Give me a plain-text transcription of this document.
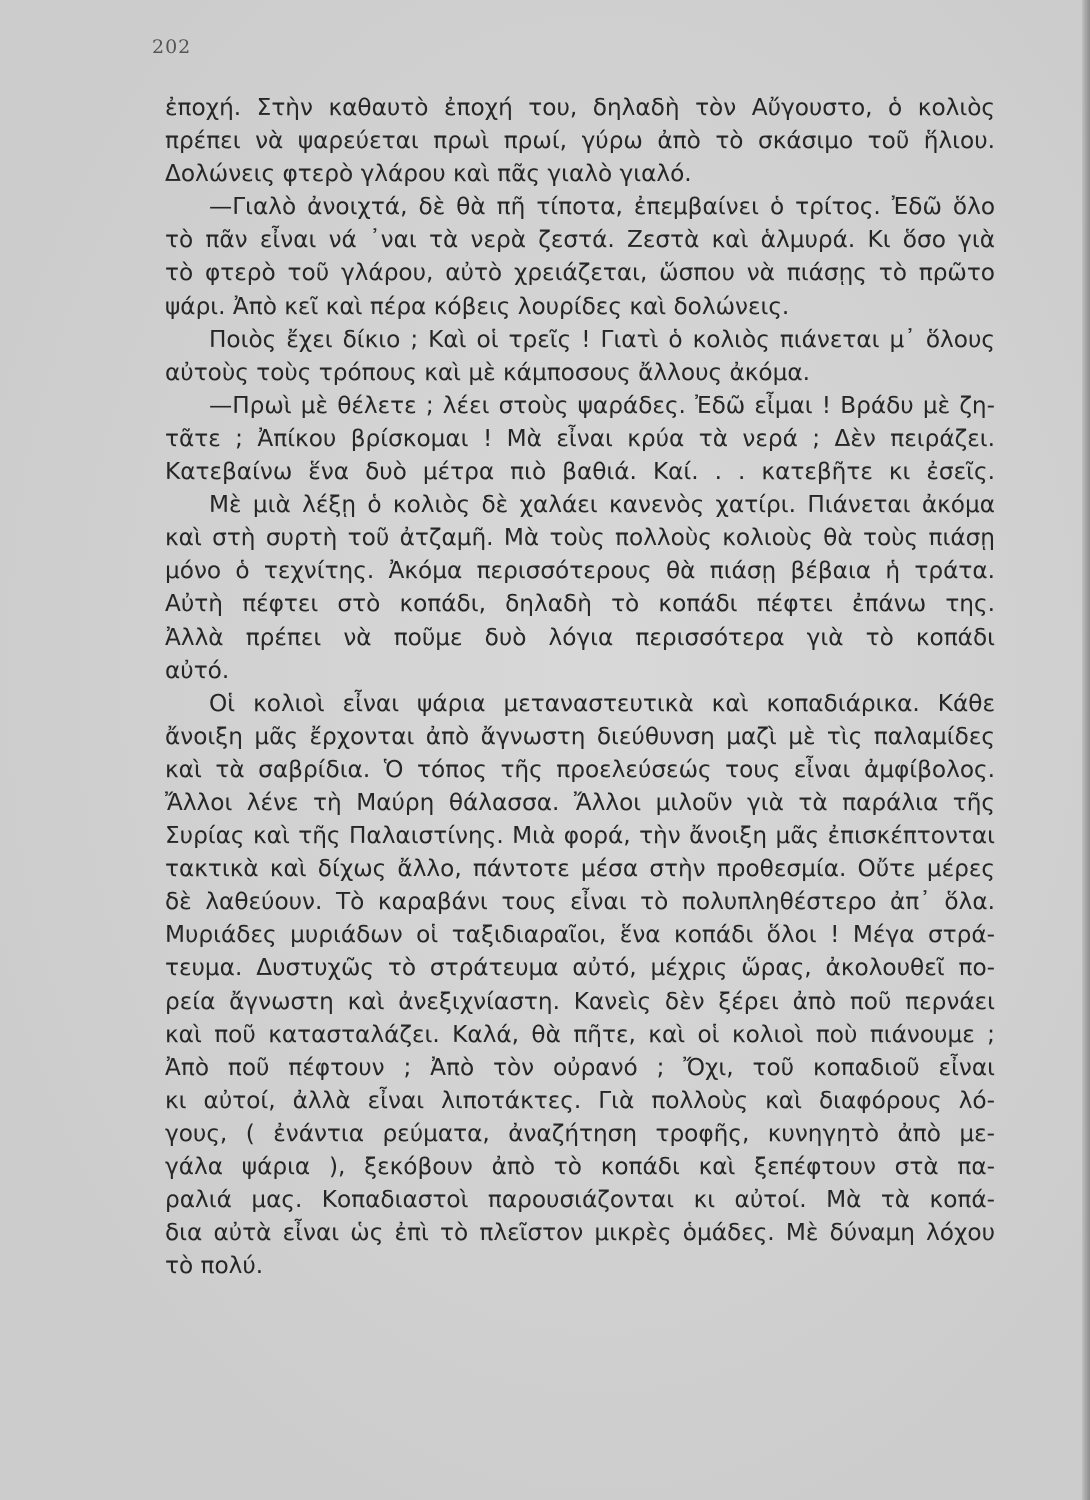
202
ἐποχή. Στὴν καθαυτὸ ἐποχή του, δηλαδὴ τὸν Αὔγουστο, ὁ κολιὸς
πρέπει νὰ ψαρεύεται πρωὶ πρωί, γύρω ἀπὸ τὸ σκάσιμο τοῦ ἥλιου.
Δολώνεις φτερὸ γλάρου καὶ πᾶς γιαλὸ γιαλό.
—Γιαλὸ ἀνοιχτά, δὲ θὰ πῆ τίποτα, ἐπεμβαίνει ὁ τρίτος. Ἐδῶ ὅλο
τὸ πᾶν εἶναι νά ᾽ναι τὰ νερὰ ζεστά. Ζεστὰ καὶ ἁλμυρά. Κι ὅσο γιὰ
τὸ φτερὸ τοῦ γλάρου, αὐτὸ χρειάζεται, ὥσπου νὰ πιάσῃς τὸ πρῶτο
ψάρι. Ἀπὸ κεῖ καὶ πέρα κόβεις λουρίδες καὶ δολώνεις.
Ποιὸς ἔχει δίκιο ; Καὶ οἱ τρεῖς ! Γιατὶ ὁ κολιὸς πιάνεται μ᾽ ὅλους
αὐτοὺς τοὺς τρόπους καὶ μὲ κάμποσους ἄλλους ἀκόμα.
—Πρωὶ μὲ θέλετε ; λέει στοὺς ψαράδες. Ἐδῶ εἶμαι ! Βράδυ μὲ ζη-
τᾶτε ; Ἀπίκου βρίσκομαι ! Μὰ εἶναι κρύα τὰ νερά ; Δὲν πειράζει.
Κατεβαίνω ἕνα δυὸ μέτρα πιὸ βαθιά. Καί. . . κατεβῆτε κι ἐσεῖς.
Μὲ μιὰ λέξῃ ὁ κολιὸς δὲ χαλάει κανενὸς χατίρι. Πιάνεται ἀκόμα
καὶ στὴ συρτὴ τοῦ ἀτζαμῆ. Μὰ τοὺς πολλοὺς κολιοὺς θὰ τοὺς πιάσῃ
μόνο ὁ τεχνίτης. Ἀκόμα περισσότερους θὰ πιάσῃ βέβαια ἡ τράτα.
Αὐτὴ πέφτει στὸ κοπάδι, δηλαδὴ τὸ κοπάδι πέφτει ἐπάνω της.
Ἀλλὰ πρέπει νὰ ποῦμε δυὸ λόγια περισσότερα γιὰ τὸ κοπάδι
αὐτό.
Οἱ κολιοὶ εἶναι ψάρια μεταναστευτικὰ καὶ κοπαδιάρικα. Κάθε
ἄνοιξη μᾶς ἔρχονται ἀπὸ ἄγνωστη διεύθυνση μαζὶ μὲ τὶς παλαμίδες
καὶ τὰ σαβρίδια. Ὁ τόπος τῆς προελεύσεώς τους εἶναι ἀμφίβολος.
Ἄλλοι λένε τὴ Μαύρη θάλασσα. Ἄλλοι μιλοῦν γιὰ τὰ παράλια τῆς
Συρίας καὶ τῆς Παλαιστίνης. Μιὰ φορά, τὴν ἄνοιξη μᾶς ἐπισκέπτονται
τακτικὰ καὶ δίχως ἄλλο, πάντοτε μέσα στὴν προθεσμία. Οὔτε μέρες
δὲ λαθεύουν. Τὸ καραβάνι τους εἶναι τὸ πολυπληθέστερο ἀπ᾽ ὅλα.
Μυριάδες μυριάδων οἱ ταξιδιαραῖοι, ἕνα κοπάδι ὅλοι ! Μέγα στρά-
τευμα. Δυστυχῶς τὸ στράτευμα αὐτό, μέχρις ὥρας, ἀκολουθεῖ πο-
ρεία ἄγνωστη καὶ ἀνεξιχνίαστη. Κανεὶς δὲν ξέρει ἀπὸ ποῦ περνάει
καὶ ποῦ κατασταλάζει. Καλά, θὰ πῆτε, καὶ οἱ κολιοὶ ποὺ πιάνουμε ;
Ἀπὸ ποῦ πέφτουν ; Ἀπὸ τὸν οὐρανό ; Ὄχι, τοῦ κοπαδιοῦ εἶναι
κι αὐτοί, ἀλλὰ εἶναι λιποτάκτες. Γιὰ πολλοὺς καὶ διαφόρους λό-
γους, ( ἐνάντια ρεύματα, ἀναζήτηση τροφῆς, κυνηγητὸ ἀπὸ με-
γάλα ψάρια ), ξεκόβουν ἀπὸ τὸ κοπάδι καὶ ξεπέφτουν στὰ πα-
ραλιά μας. Κοπαδιαστοὶ παρουσιάζονται κι αὐτοί. Μὰ τὰ κοπά-
δια αὐτὰ εἶναι ὡς ἐπὶ τὸ πλεῖστον μικρὲς ὁμάδες. Μὲ δύναμη λόχου
τὸ πολύ.
